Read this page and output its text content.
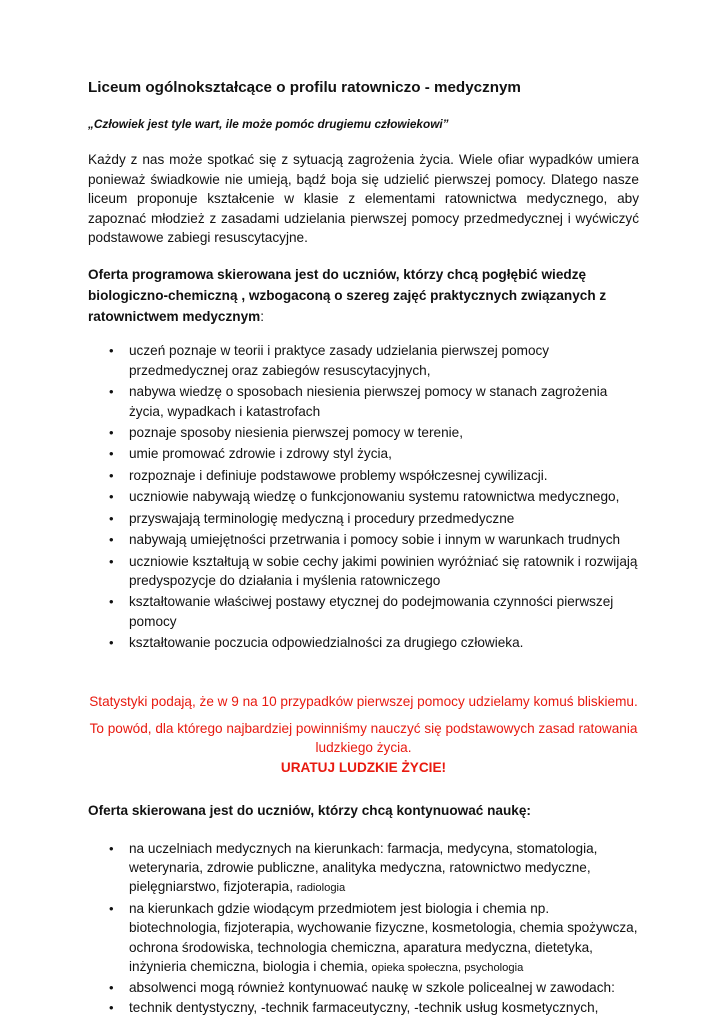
Liceum ogólnokształcące o profilu ratowniczo - medycznym

„Człowiek jest tyle wart, ile może pomóc drugiemu człowiekowi”

Każdy z nas może spotkać się z sytuacją zagrożenia życia. Wiele ofiar wypadków umiera ponieważ świadkowie nie umieją, bądź boja się udzielić pierwszej pomocy. Dlatego nasze liceum proponuje kształcenie w klasie z elementami ratownictwa medycznego, aby zapoznać młodzież z zasadami udzielania pierwszej pomocy przedmedycznej i wyćwiczyć podstawowe zabiegi resuscytacyjne.

Oferta programowa skierowana jest do uczniów, którzy chcą pogłębić wiedzę biologiczno-chemiczną , wzbogaconą o szereg zajęć praktycznych związanych z ratownictwem medycznym:

• uczeń poznaje w teorii i praktyce zasady udzielania pierwszej pomocy przedmedycznej oraz zabiegów resuscytacyjnych,
• nabywa wiedzę o sposobach niesienia pierwszej pomocy w stanach zagrożenia życia, wypadkach i katastrofach
• poznaje sposoby niesienia pierwszej pomocy w terenie,
• umie promować zdrowie i zdrowy styl życia,
• rozpoznaje i definiuje podstawowe problemy współczesnej cywilizacji.
• uczniowie nabywają wiedzę o funkcjonowaniu systemu ratownictwa medycznego,
• przyswajają terminologię medyczną i procedury przedmedyczne
• nabywają umiejętności przetrwania i pomocy sobie i innym w warunkach trudnych
• uczniowie kształtują w sobie cechy jakimi powinien wyróżniać się ratownik i rozwijają predyspozycje do działania i myślenia ratowniczego
• kształtowanie właściwej postawy etycznej do podejmowania czynności pierwszej pomocy
• kształtowanie poczucia odpowiedzialności za drugiego człowieka.
Statystyki podają, że w 9 na 10 przypadków pierwszej pomocy udzielamy komuś bliskiemu.
To powód, dla którego najbardziej powinniśmy nauczyć się podstawowych zasad ratowania ludzkiego życia.
URATUJ LUDZKIE ŻYCIE!

Oferta skierowana jest do uczniów, którzy chcą kontynuować naukę:

• na uczelniach medycznych na kierunkach: farmacja, medycyna, stomatologia, weterynaria, zdrowie publiczne, analityka medyczna, ratownictwo medyczne, pielęgniarstwo, fizjoterapia, radiologia
• na kierunkach gdzie wiodącym przedmiotem jest biologia i chemia np. biotechnologia, fizjoterapia, wychowanie fizyczne, kosmetologia, chemia spożywcza, ochrona środowiska, technologia chemiczna, aparatura medyczna, dietetyka, inżynieria chemiczna, biologia i chemia, opieka społeczna, psychologia
• absolwenci mogą również kontynuować naukę w szkole policealnej w zawodach:
• technik dentystyczny, -technik farmaceutyczny, -technik usług kosmetycznych,
